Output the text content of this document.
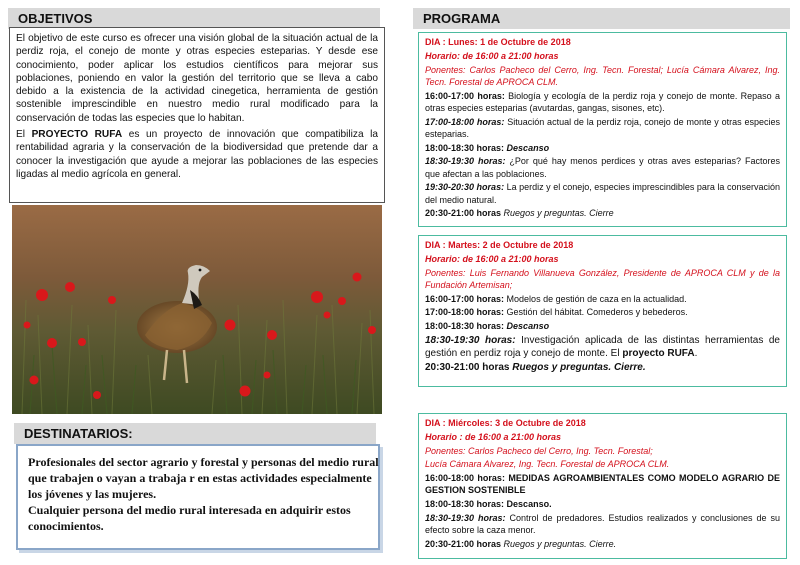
OBJETIVOS

El objetivo de este curso es ofrecer una visión global de la situación actual de la perdiz roja, el conejo de monte y otras especies esteparias. Y desde ese conocimiento, poder aplicar los estudios científicos para mejorar sus poblaciones, poniendo en valor la gestión del territorio que se lleva a cabo debido a la existencia de la actividad cinegetica, herramienta de gestión sostenible imprescindible en nuestro medio rural modificado para la conservación de todas las especies que lo habitan.

El PROYECTO RUFA es un proyecto de innovación que compatibiliza la rentabilidad agraria y la conservación de la biodiversidad que pretende dar a conocer la investigación que ayude a mejorar las poblaciones de las especies ligadas al medio agrícola en general.

DESTINATARIOS:
Profesionales del sector agrario y forestal y personas del medio rural
que trabajen o vayan a trabaja r en estas actividades especialmente
los jóvenes y las mujeres.
Cualquier persona del medio rural interesada en adquirir estos
conocimientos.
PROGRAMA

DIA : Lunes: 1 de Octubre de 2018

Horario: de 16:00 a 21:00 horas

Ponentes: Carlos Pacheco del Cerro, Ing. Tecn. Forestal; Lucía Cámara Alvarez, Ing. Tecn. Forestal de APROCA CLM.

16:00-17:00 horas: Biología y ecología de la perdiz roja y conejo de monte. Repaso a otras especies esteparias (avutardas, gangas, sisones, etc).

17:00-18:00 horas: Situación actual de la perdiz roja, conejo de monte y otras especies esteparias.

18:00-18:30 horas: Descanso

18:30-19:30 horas: ¿Por qué hay menos perdices y otras aves esteparias? Factores que afectan a las poblaciones.

19:30-20:30 horas: La perdiz y el conejo, especies imprescindibles para la conservación del medio natural.

20:30-21:00 horas Ruegos y preguntas. Cierre

DIA : Martes: 2 de Octubre de 2018

Horario: de 16:00 a 21:00 horas

Ponentes: Luis Fernando Villanueva González, Presidente de APROCA CLM y de la Fundación Artemisan;

16:00-17:00 horas: Modelos de gestión de caza en la actualidad.

17:00-18:00 horas: Gestión del hábitat. Comederos y bebederos.

18:00-18:30 horas: Descanso

18:30-19:30 horas: Investigación aplicada de las distintas herramientas de gestión en perdiz roja y conejo de monte. El proyecto RUFA.

20:30-21:00 horas Ruegos y preguntas. Cierre.

DIA : Miércoles: 3 de Octubre de 2018

Horario : de 16:00 a 21:00 horas

Ponentes: Carlos Pacheco del Cerro, Ing. Tecn. Forestal;

Lucía Cámara Alvarez, Ing. Tecn. Forestal de APROCA CLM.

16:00-18:00 horas: MEDIDAS AGROAMBIENTALES COMO MODELO AGRARIO DE GESTION SOSTENIBLE

18:00-18:30 horas: Descanso.

18:30-19:30 horas: Control de predadores. Estudios realizados y conclusiones de su efecto sobre la caza menor.

20:30-21:00 horas Ruegos y preguntas. Cierre.
